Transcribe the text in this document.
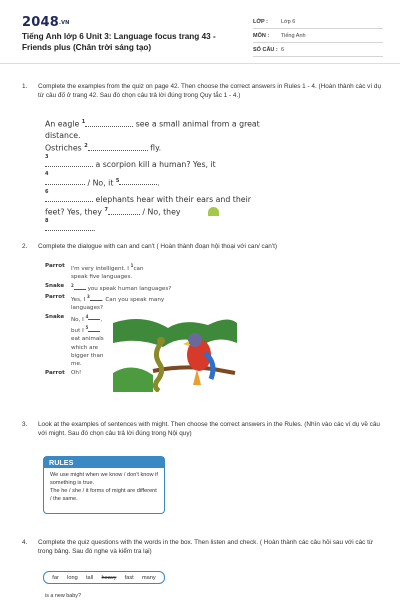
2048.VN
Tiếng Anh lớp 6 Unit 3: Language focus trang 43 - Friends plus (Chân trời sáng tạo)
LỚP :	Lớp 6
MÔN :	Tiếng Anh
SỐ CÂU : 6
1. Complete the examples from the quiz on page 42. Then choose the correct answers in Rules 1 - 4. (Hoàn thành các ví dụ từ câu đố ở trang 42. Sau đó chọn câu trả lời đúng trong Quy tắc 1 - 4.)
An eagle $^1$	see a small animal from a great distance.
Ostriches $^2$	fly.

3
a scorpion kill a human? Yes, it

4
/ No, it $^5$	.

6
elephants hear with their ears and their feet? Yes, they $^7$	/ No, they

8
.
2. Complete the dialogue with can and can't ( Hoàn thành đoạn hội thoại với can/ can't)
Parrot	I'm very intelligent. I $^1$can speak five languages.
Snake	$^2$ you speak human languages?
Parrot	Yes, I $^3$. Can you speak many languages?
Snake	No, I $^4$,
but I $^5$
eat animals which are bigger than me.
Parrot	Oh!
3. Look at the examples of sentences with might. Then choose the correct answers in the Rules. (Nhìn vào các ví dụ về câu với might. Sau đó chọn câu trả lời đúng trong Nội quy)
RULES
We use might when we know / don't know if something is true.
The he / she / it forms of might are different / the same.
4. Complete the quiz questions with the words in the box. Then listen and check. ( Hoàn thành các câu hỏi sau với các từ trong bảng. Sau đó nghe và kiểm tra lại)
far long tall heavy fast many
is a new baby?
